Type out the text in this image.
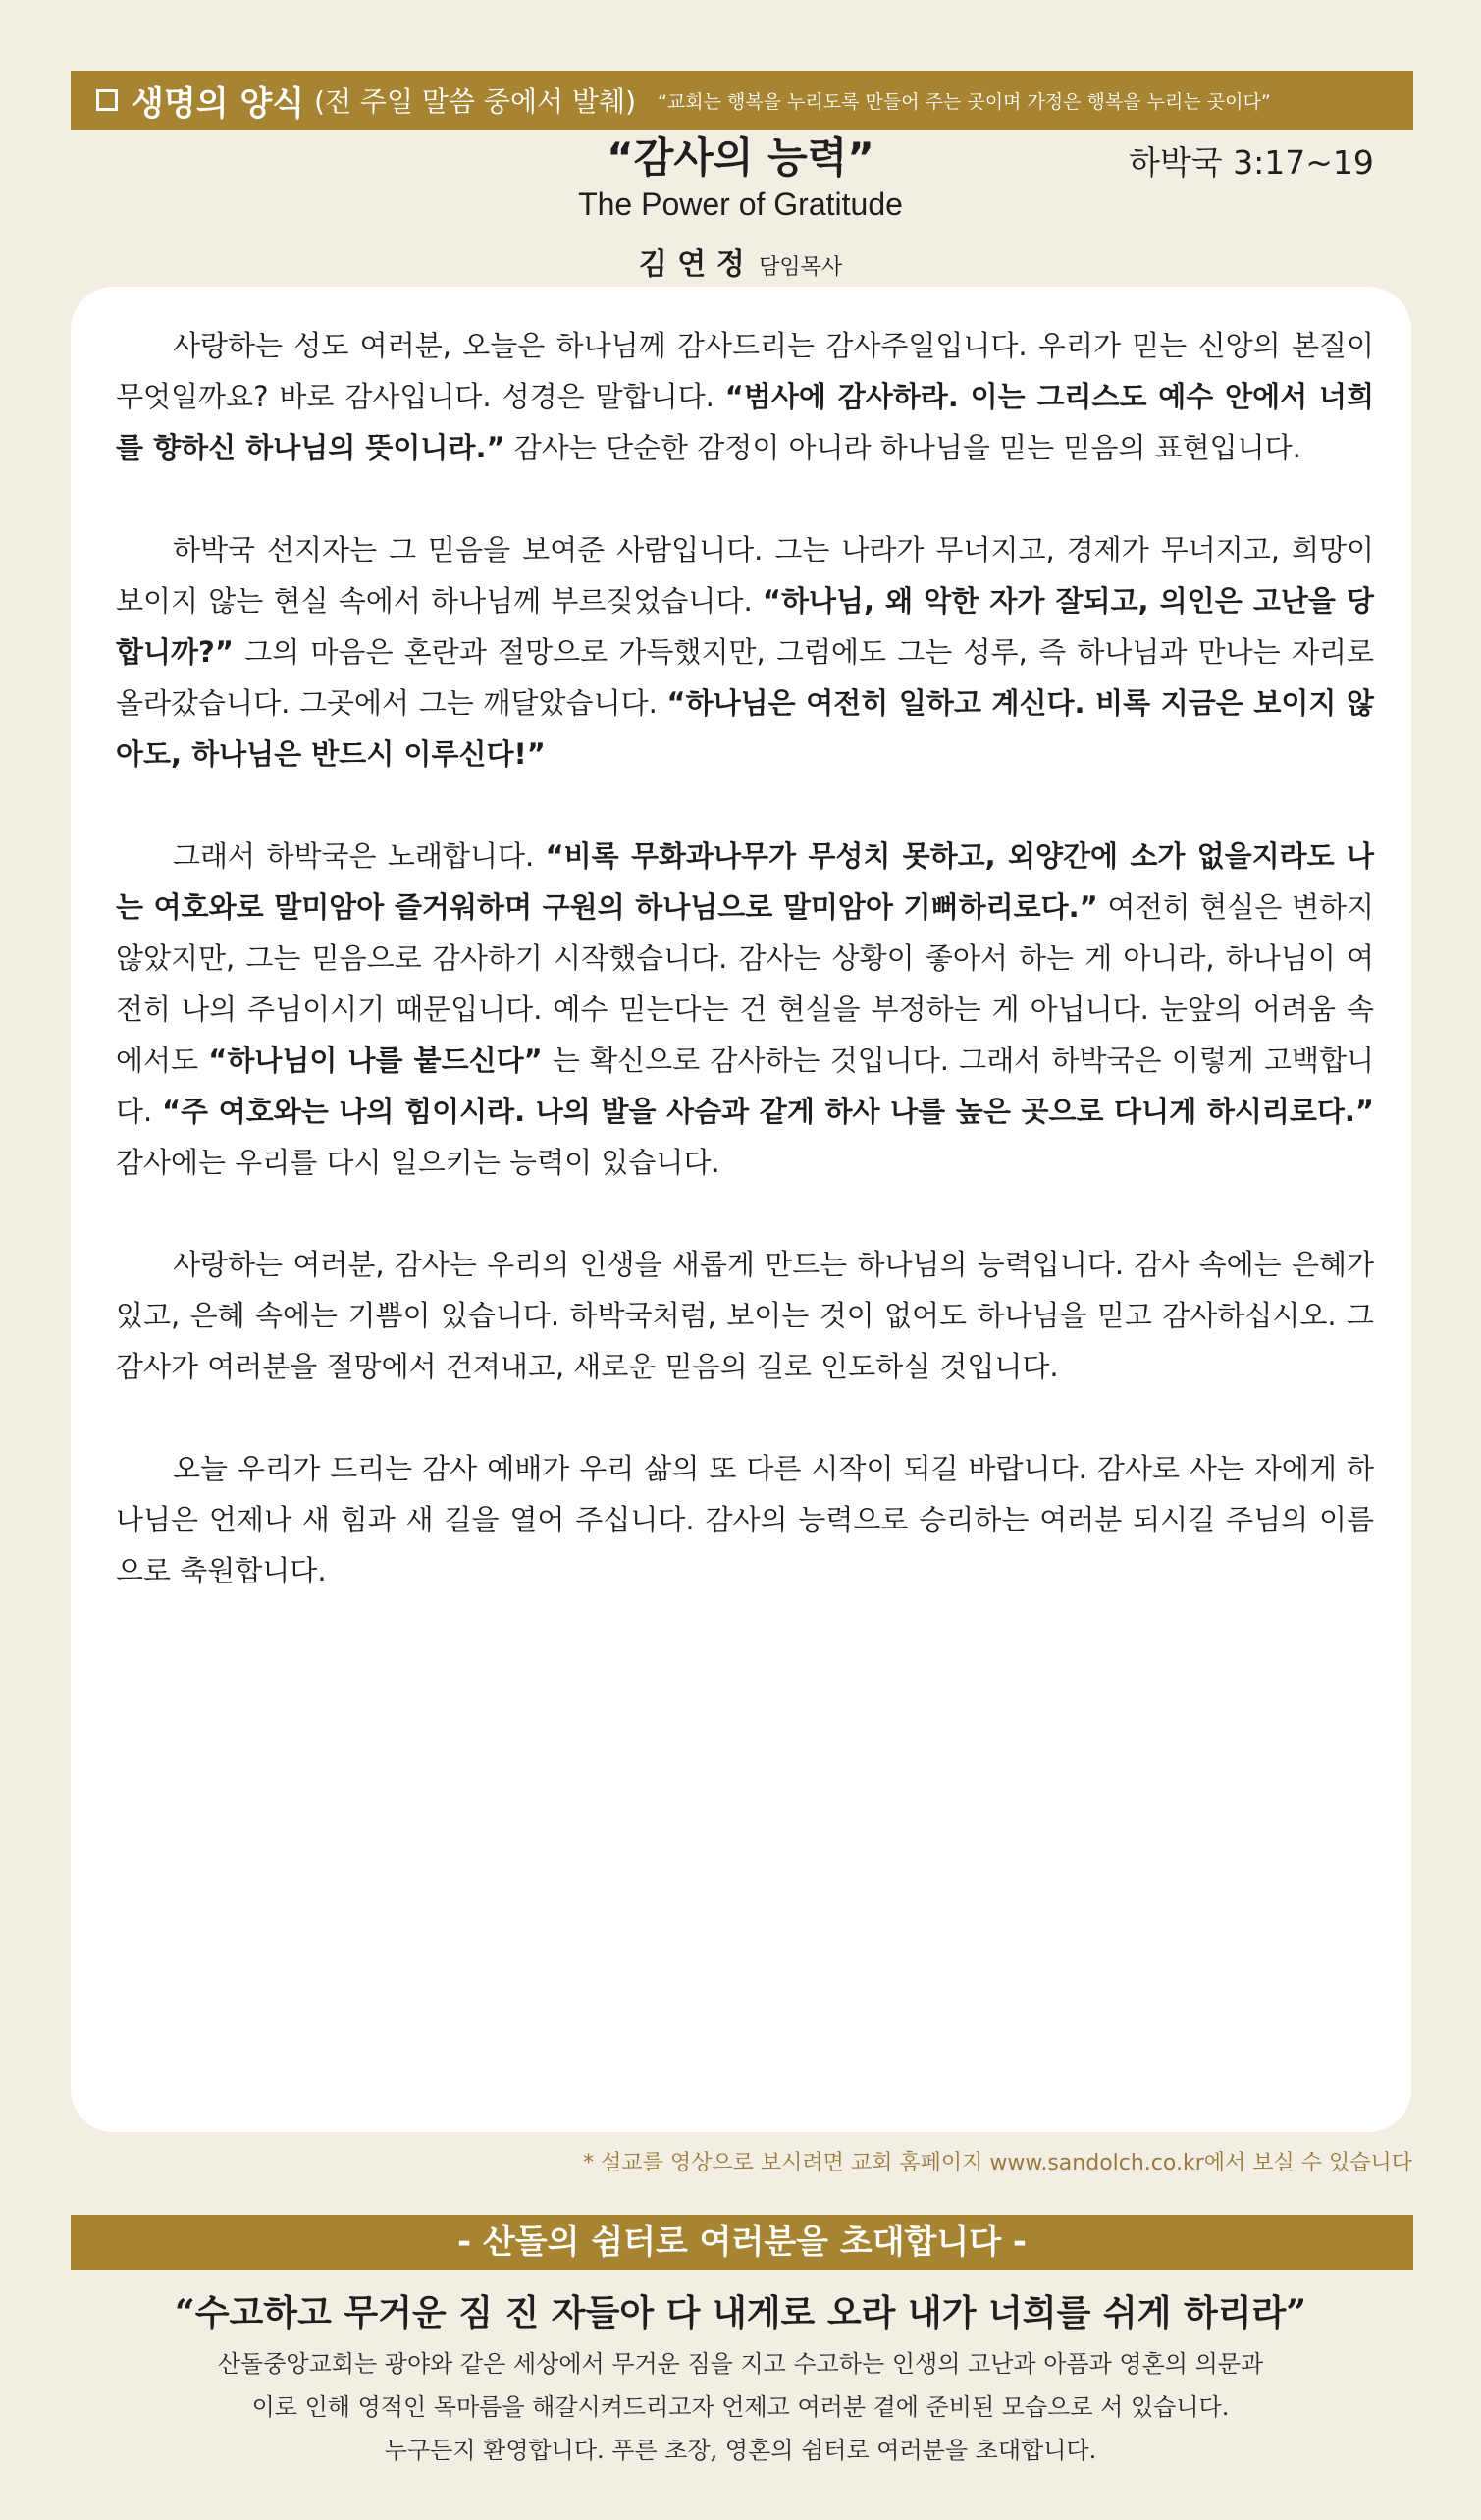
생명의 양식 (전 주일 말씀 중에서 발췌) “교회는 행복을 누리도록 만들어 주는 곳이며 가정은 행복을 누리는 곳이다”
“감사의 능력”	하박국 3:17~19
The Power of Gratitude
김 연 정 담임목사

사랑하는 성도 여러분, 오늘은 하나님께 감사드리는 감사주일입니다. 우리가 믿는 신앙의 본질이 무엇일까요? 바로 감사입니다. 성경은 말합니다. “범사에 감사하라. 이는 그리스도 예수 안에서 너희를 향하신 하나님의 뜻이니라.” 감사는 단순한 감정이 아니라 하나님을 믿는 믿음의 표현입니다.

하박국 선지자는 그 믿음을 보여준 사람입니다. 그는 나라가 무너지고, 경제가 무너지고, 희망이 보이지 않는 현실 속에서 하나님께 부르짖었습니다. “하나님, 왜 악한 자가 잘되고, 의인은 고난을 당합니까?” 그의 마음은 혼란과 절망으로 가득했지만, 그럼에도 그는 성루, 즉 하나님과 만나는 자리로 올라갔습니다. 그곳에서 그는 깨달았습니다. “하나님은 여전히 일하고 계신다. 비록 지금은 보이지 않아도, 하나님은 반드시 이루신다!”

그래서 하박국은 노래합니다. “비록 무화과나무가 무성치 못하고, 외양간에 소가 없을지라도 나는 여호와로 말미암아 즐거워하며 구원의 하나님으로 말미암아 기뻐하리로다.” 여전히 현실은 변하지 않았지만, 그는 믿음으로 감사하기 시작했습니다. 감사는 상황이 좋아서 하는 게 아니라, 하나님이 여전히 나의 주님이시기 때문입니다. 예수 믿는다는 건 현실을 부정하는 게 아닙니다. 눈앞의 어려움 속에서도 “하나님이 나를 붙드신다” 는 확신으로 감사하는 것입니다. 그래서 하박국은 이렇게 고백합니다. “주 여호와는 나의 힘이시라. 나의 발을 사슴과 같게 하사 나를 높은 곳으로 다니게 하시리로다.” 감사에는 우리를 다시 일으키는 능력이 있습니다.

사랑하는 여러분, 감사는 우리의 인생을 새롭게 만드는 하나님의 능력입니다. 감사 속에는 은혜가 있고, 은혜 속에는 기쁨이 있습니다. 하박국처럼, 보이는 것이 없어도 하나님을 믿고 감사하십시오. 그 감사가 여러분을 절망에서 건져내고, 새로운 믿음의 길로 인도하실 것입니다.

오늘 우리가 드리는 감사 예배가 우리 삶의 또 다른 시작이 되길 바랍니다. 감사로 사는 자에게 하나님은 언제나 새 힘과 새 길을 열어 주십니다. 감사의 능력으로 승리하는 여러분 되시길 주님의 이름으로 축원합니다.

* 설교를 영상으로 보시려면 교회 홈페이지 www.sandolch.co.kr에서 보실 수 있습니다
- 산돌의 쉼터로 여러분을 초대합니다 -
“수고하고 무거운 짐 진 자들아 다 내게로 오라 내가 너희를 쉬게 하리라”
산돌중앙교회는 광야와 같은 세상에서 무거운 짐을 지고 수고하는 인생의 고난과 아픔과 영혼의 의문과
이로 인해 영적인 목마름을 해갈시켜드리고자 언제고 여러분 곁에 준비된 모습으로 서 있습니다.
누구든지 환영합니다. 푸른 초장, 영혼의 쉼터로 여러분을 초대합니다.
